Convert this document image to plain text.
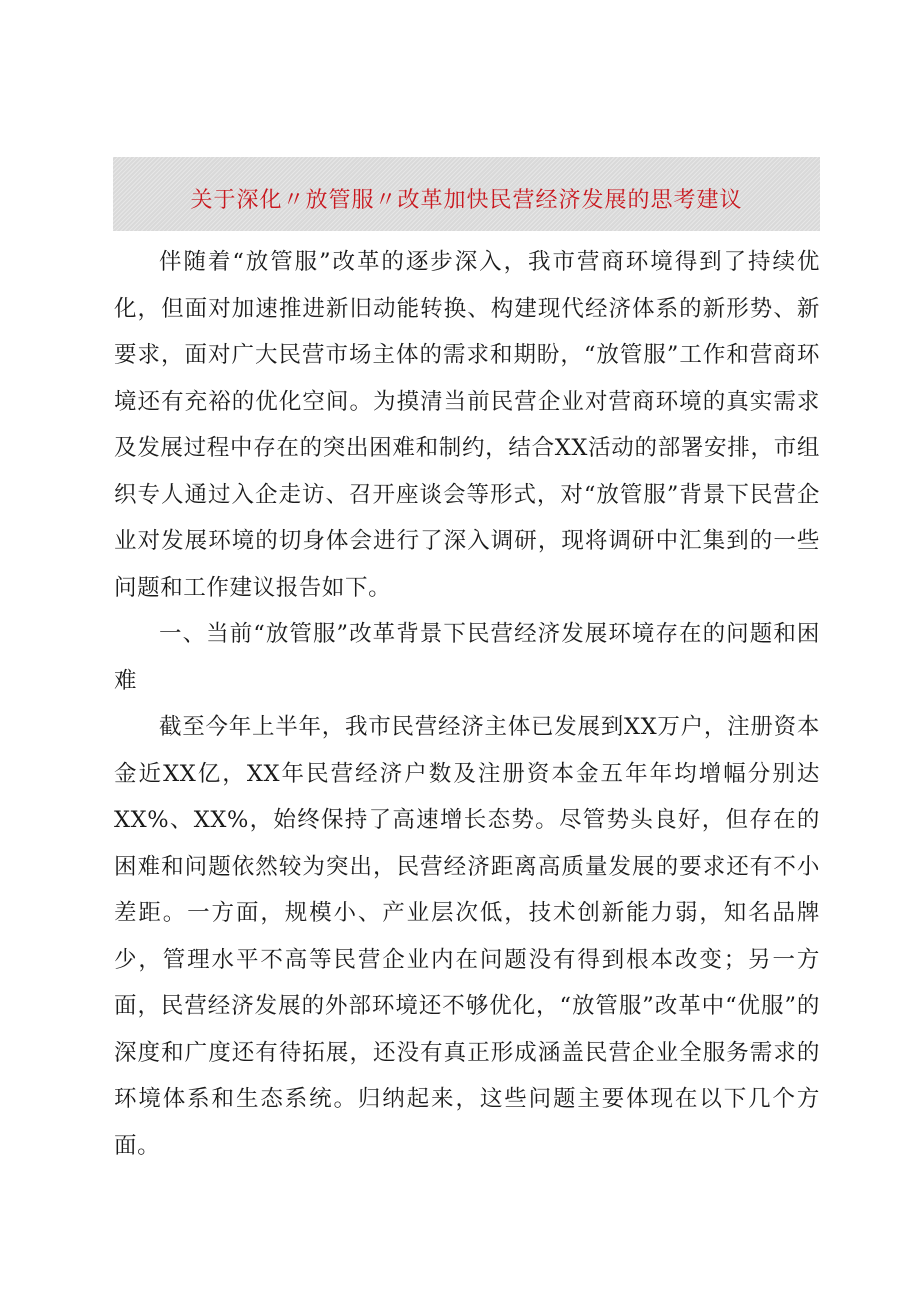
关于深化〃放管服〃改革加快民营经济发展的思考建议

伴随着“放管服”改革的逐步深入，我市营商环境得到了持续优化，但面对加速推进新旧动能转换、构建现代经济体系的新形势、新要求，面对广大民营市场主体的需求和期盼，“放管服”工作和营商环境还有充裕的优化空间。为摸清当前民营企业对营商环境的真实需求及发展过程中存在的突出困难和制约，结合XX活动的部署安排，市组织专人通过入企走访、召开座谈会等形式，对“放管服”背景下民营企业对发展环境的切身体会进行了深入调研，现将调研中汇集到的一些问题和工作建议报告如下。

一、当前“放管服”改革背景下民营经济发展环境存在的问题和困难

截至今年上半年，我市民营经济主体已发展到XX万户，注册资本金近XX亿，XX年民营经济户数及注册资本金五年年均增幅分别达XX%、XX%，始终保持了高速增长态势。尽管势头良好，但存在的困难和问题依然较为突出，民营经济距离高质量发展的要求还有不小差距。一方面，规模小、产业层次低，技术创新能力弱，知名品牌少，管理水平不高等民营企业内在问题没有得到根本改变；另一方面，民营经济发展的外部环境还不够优化，“放管服”改革中“优服”的深度和广度还有待拓展，还没有真正形成涵盖民营企业全服务需求的环境体系和生态系统。归纳起来，这些问题主要体现在以下几个方面。
